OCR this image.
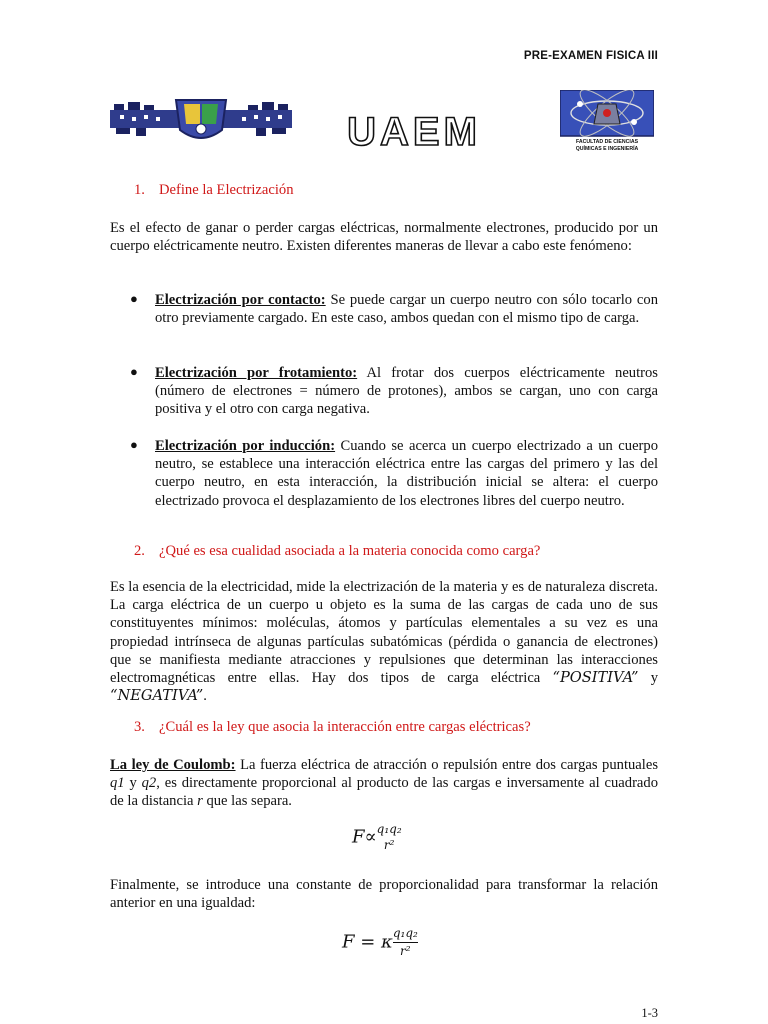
PRE-EXAMEN FISICA III
UAEM	FACULTAD DE CIENCIAS
QUÍMICAS E INGENIERÍA
1. Define la Electrización
Es el efecto de ganar o perder cargas eléctricas, normalmente electrones, producido por un cuerpo eléctricamente neutro. Existen diferentes maneras de llevar a cabo este fenómeno:
● Electrización por contacto: Se puede cargar un cuerpo neutro con sólo tocarlo con otro previamente cargado. En este caso, ambos quedan con el mismo tipo de carga.
● Electrización por frotamiento: Al frotar dos cuerpos eléctricamente neutros (número de electrones = número de protones), ambos se cargan, uno con carga positiva y el otro con carga negativa.
● Electrización por inducción: Cuando se acerca un cuerpo electrizado a un cuerpo neutro, se establece una interacción eléctrica entre las cargas del primero y las del cuerpo neutro, en esta interacción, la distribución inicial se altera: el cuerpo electrizado provoca el desplazamiento de los electrones libres del cuerpo neutro.
2. ¿Qué es esa cualidad asociada a la materia conocida como carga?
Es la esencia de la electricidad, mide la electrización de la materia y es de naturaleza discreta. La carga eléctrica de un cuerpo u objeto es la suma de las cargas de cada uno de sus constituyentes mínimos: moléculas, átomos y partículas elementales a su vez es una propiedad intrínseca de algunas partículas subatómicas (pérdida o ganancia de electrones) que se manifiesta mediante atracciones y repulsiones que determinan las interacciones electromagnéticas entre ellas. Hay dos tipos de carga eléctrica “POSITIVA” y “NEGATIVA”.
3. ¿Cuál es la ley que asocia la interacción entre cargas eléctricas?
La ley de Coulomb: La fuerza eléctrica de atracción o repulsión entre dos cargas puntuales q1 y q2, es directamente proporcional al producto de las cargas e inversamente al cuadrado de la distancia r que las separa.
F∝q₁q₂
r²
Finalmente, se introduce una constante de proporcionalidad para transformar la relación anterior en una igualdad:
$F = \kappa\frac{\text{q₁q₂}}{\text{r²}}$
1-3
